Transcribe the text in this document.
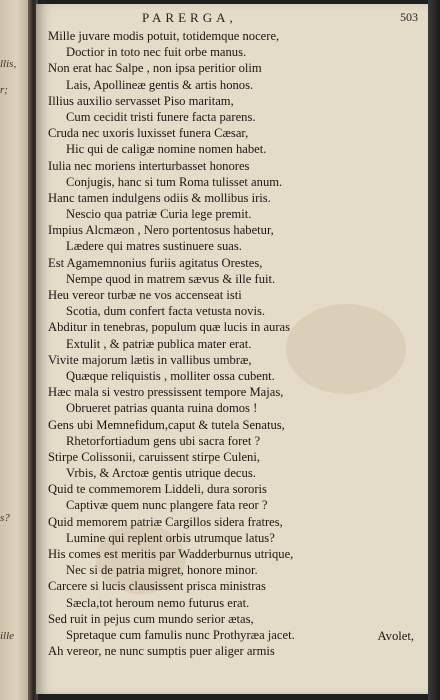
llis,
r;
s?
ille
PARERGA,	503
Mille juvare modis potuit, totidemque nocere,
Doctior in toto nec fuit orbe manus.
Non erat hac Salpe , non ipsa peritior olim
Lais, Apollineæ gentis & artis honos.
Illius auxilio servasset Piso maritam,
Cum cecidit tristi funere facta parens.
Cruda nec uxoris luxisset funera Cæsar,
Hic qui de caligæ nomine nomen habet.
Iulia nec moriens interturbasset honores
Conjugis, hanc si tum Roma tulisset anum.
Hanc tamen indulgens odiis & mollibus iris.
Nescio qua patriæ Curia lege premit.
Impius Alcmæon , Nero portentosus habetur,
Lædere qui matres sustinuere suas.
Est Agamemnonius furiis agitatus Orestes,
Nempe quod in matrem sævus & ille fuit.
Heu vereor turbæ ne vos accenseat isti
Scotia, dum confert facta vetusta novis.
Abditur in tenebras, populum quæ lucis in auras
Extulit , & patriæ publica mater erat.
Vivite majorum lætis in vallibus umbræ,
Quæque reliquistis , molliter ossa cubent.
Hæc mala si vestro pressissent tempore Majas,
Obrueret patrias quanta ruina domos !
Gens ubi Memnefidum,caput & tutela Senatus,
Rhetorfortiadum gens ubi sacra foret ?
Stirpe Colissonii, caruissent stirpe Culeni,
Vrbis, & Arctoæ gentis utrique decus.
Quid te commemorem Liddeli, dura sororis
Captivæ quem nunc plangere fata reor ?
Quid memorem patriæ Cargillos sidera fratres,
Lumine qui replent orbis utrumque latus?
His comes est meritis par Wadderburnus utrique,
Nec si de patria migret, honore minor.
Carcere si lucis clausissent prisca ministras
Sæcla,tot heroum nemo futurus erat.
Sed ruit in pejus cum mundo serior ætas,
Spretaque cum famulis nunc Prothyræa jacet.
Ah vereor, ne nunc sumptis puer aliger armis
Avolet,
